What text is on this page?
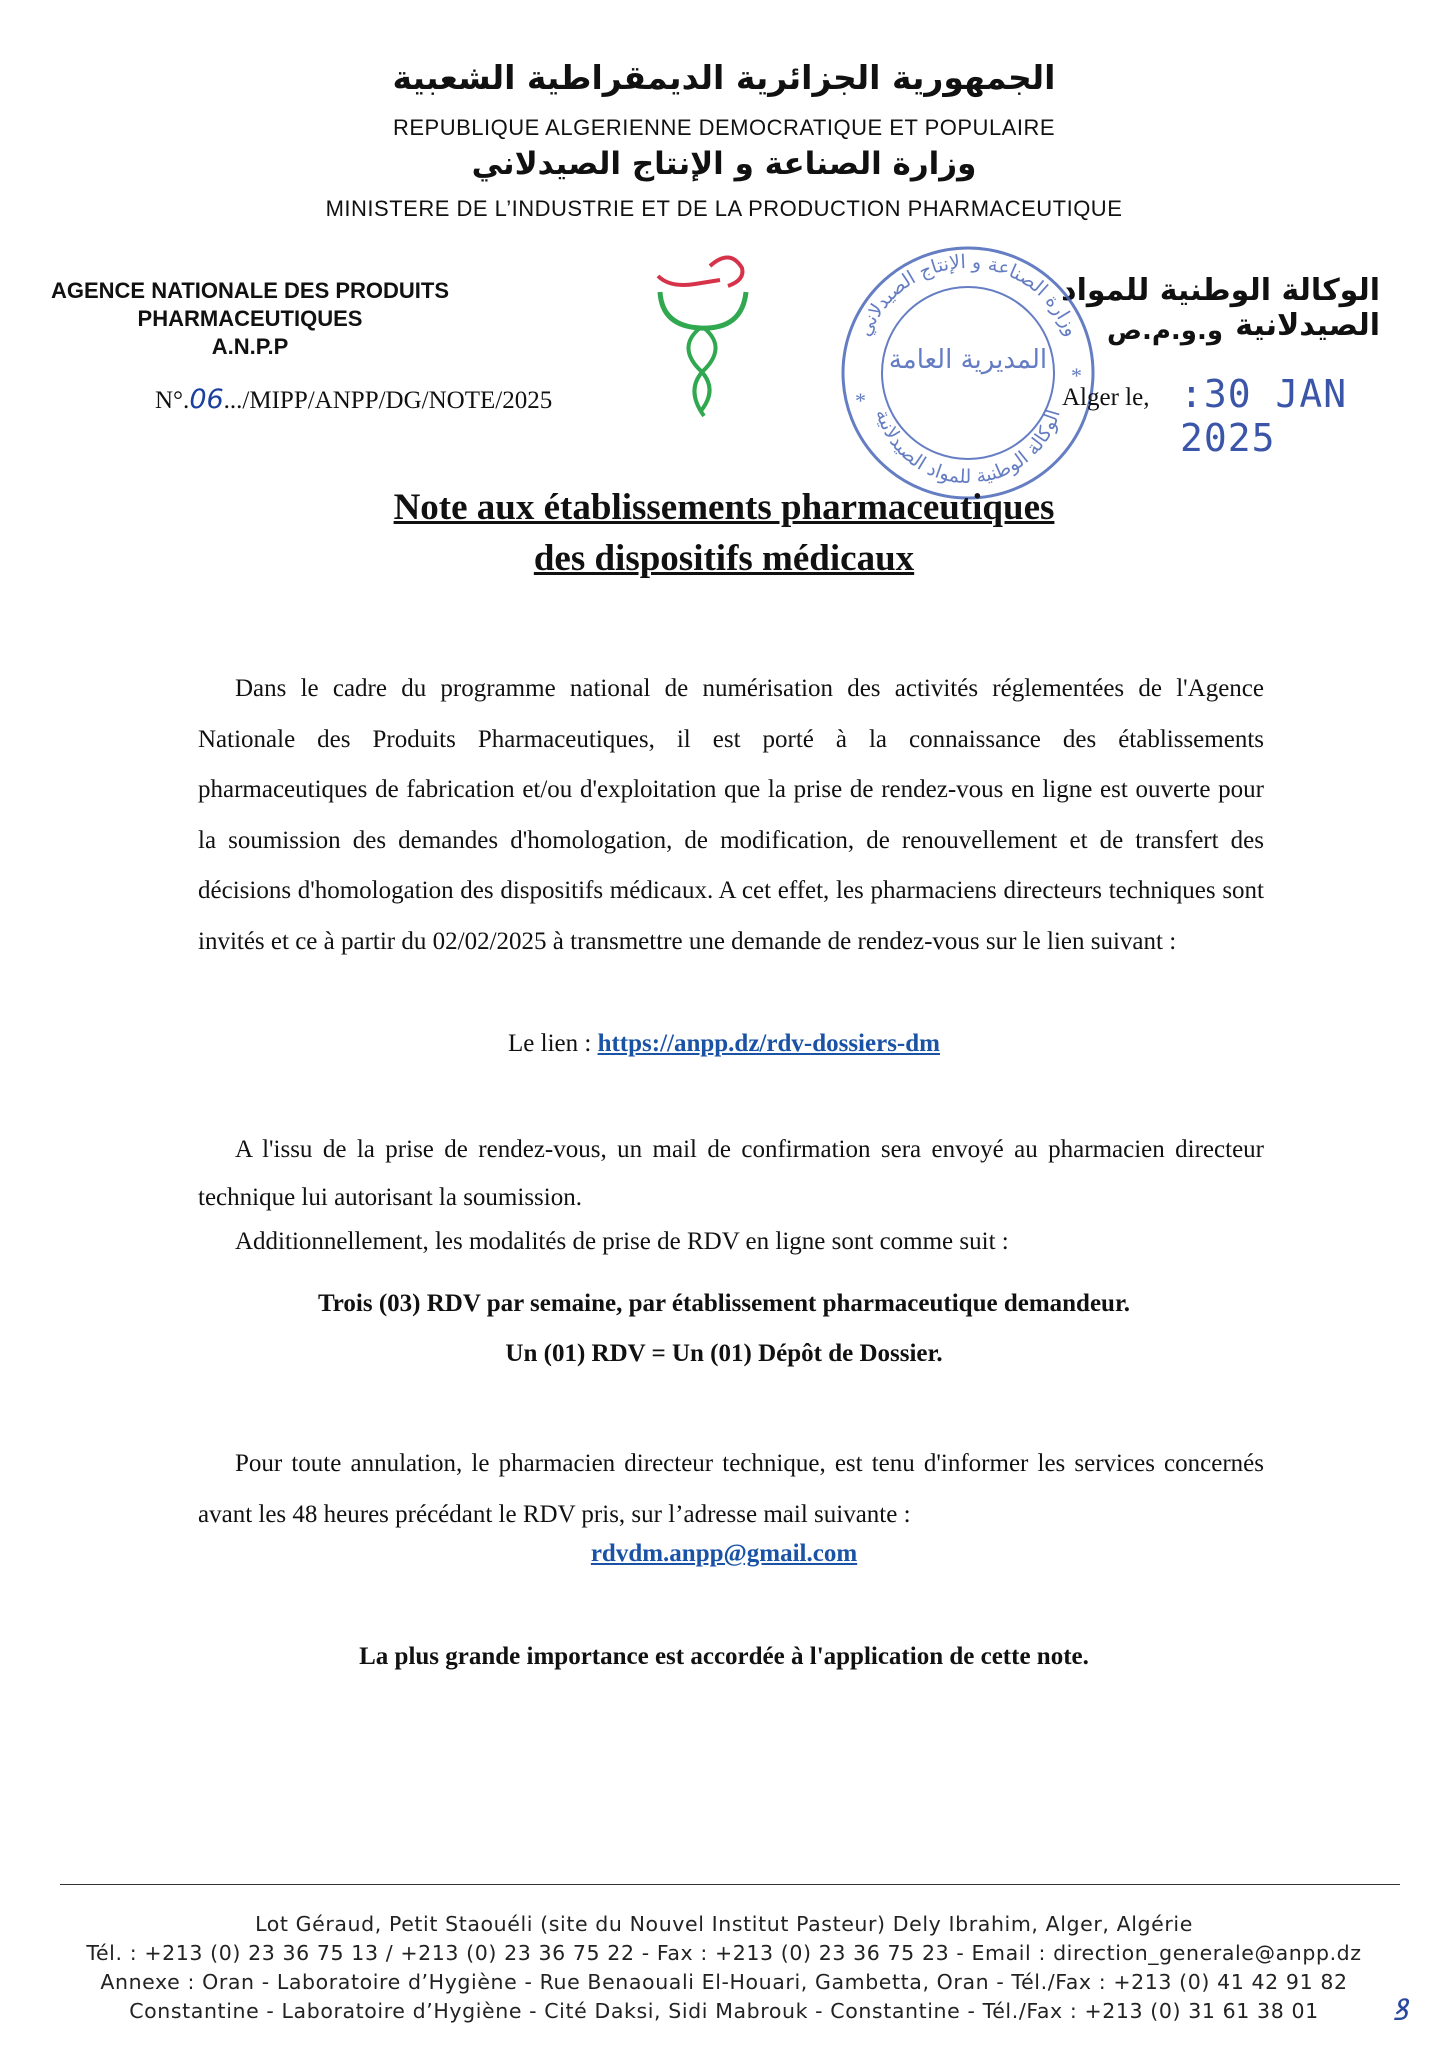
الجمهورية الجزائرية الديمقراطية الشعبية
REPUBLIQUE ALGERIENNE DEMOCRATIQUE ET POPULAIRE
وزارة الصناعة و الإنتاج الصيدلاني
MINISTERE DE L’INDUSTRIE ET DE LA PRODUCTION PHARMACEUTIQUE
AGENCE NATIONALE DES PRODUITS
PHARMACEUTIQUES
A.N.P.P
الوكالة الوطنية للمواد الصيدلانية
و.و.م.ص
N°.06.../MIPP/ANPP/DG/NOTE/2025
وزارة الصناعة و الإنتاج الصيدلاني
الوكالة الوطنية للمواد الصيدلانية
*
*
المديرية العامة
Alger le, :30 JAN 2025
Note aux établissements pharmaceutiques
des dispositifs médicaux
Dans le cadre du programme national de numérisation des activités réglementées de l'Agence Nationale des Produits Pharmaceutiques, il est porté à la connaissance des établissements pharmaceutiques de fabrication et/ou d'exploitation que la prise de rendez-vous en ligne est ouverte pour la soumission des demandes d'homologation, de modification, de renouvellement et de transfert des décisions d'homologation des dispositifs médicaux. A cet effet, les pharmaciens directeurs techniques sont invités et ce à partir du 02/02/2025 à transmettre une demande de rendez-vous sur le lien suivant :
Le lien : https://anpp.dz/rdv-dossiers-dm
A l'issu de la prise de rendez-vous, un mail de confirmation sera envoyé au pharmacien directeur technique lui autorisant la soumission.
Additionnellement, les modalités de prise de RDV en ligne sont comme suit :
Trois (03) RDV par semaine, par établissement pharmaceutique demandeur.
Un (01) RDV = Un (01) Dépôt de Dossier.
Pour toute annulation, le pharmacien directeur technique, est tenu d'informer les services concernés avant les 48 heures précédant le RDV pris, sur l’adresse mail suivante :
rdvdm.anpp@gmail.com
La plus grande importance est accordée à l'application de cette note.
Lot Géraud, Petit Staouéli (site du Nouvel Institut Pasteur) Dely Ibrahim, Alger, Algérie
Tél. : +213 (0) 23 36 75 13 / +213 (0) 23 36 75 22 - Fax : +213 (0) 23 36 75 23 - Email : direction_generale@anpp.dz
Annexe : Oran - Laboratoire d’Hygiène - Rue Benaouali El-Houari, Gambetta, Oran - Tél./Fax : +213 (0) 41 42 91 82
Constantine - Laboratoire d’Hygiène - Cité Daksi, Sidi Mabrouk - Constantine - Tél./Fax : +213 (0) 31 61 38 01	ꝸ
